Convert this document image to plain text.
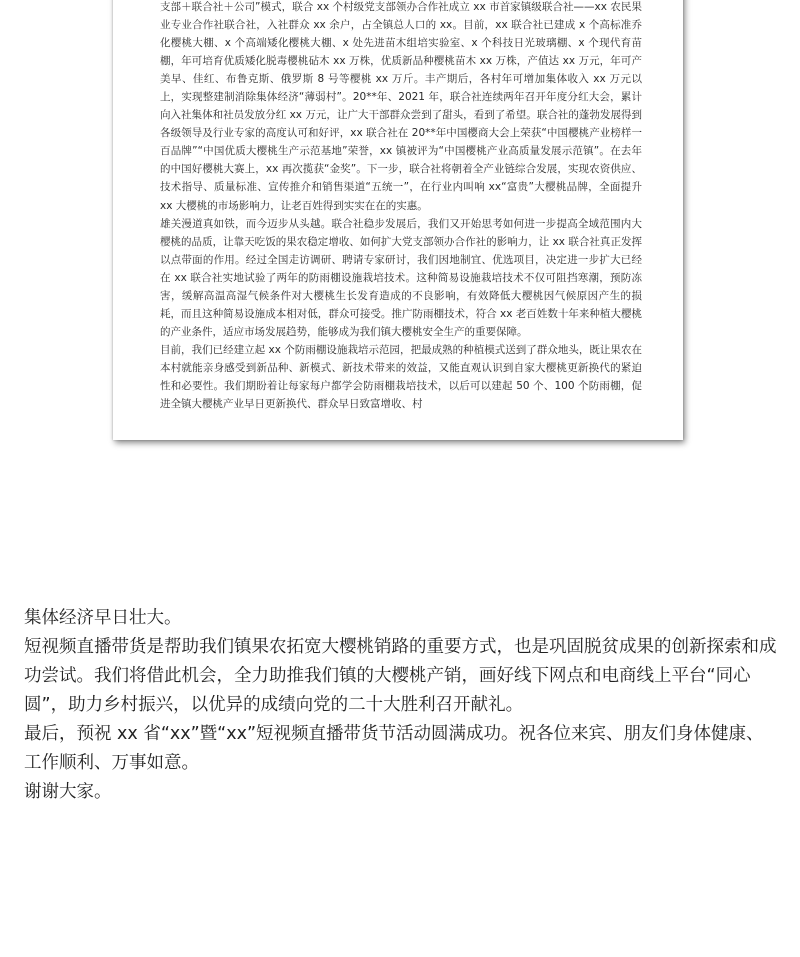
支部＋联合社＋公司”模式，联合 xx 个村级党支部领办合作社成立 xx 市首家镇级联合社——xx 农民果业专业合作社联合社，入社群众 xx 余户，占全镇总人口的 xx。目前，xx 联合社已建成 x 个高标准乔化樱桃大棚、x 个高端矮化樱桃大棚、x 处先进苗木组培实验室、x 个科技日光玻璃棚、x 个现代育苗棚，年可培育优质矮化脱毒樱桃砧木 xx 万株，优质新品种樱桃苗木 xx 万株，产值达 xx 万元，年可产美早、佳红、布鲁克斯、俄罗斯 8 号等樱桃 xx 万斤。丰产期后，各村年可增加集体收入 xx 万元以上，实现整建制消除集体经济“薄弱村”。20**年、2021 年，联合社连续两年召开年度分红大会，累计向入社集体和社员发放分红 xx 万元，让广大干部群众尝到了甜头，看到了希望。联合社的蓬勃发展得到各级领导及行业专家的高度认可和好评，xx 联合社在 20**年中国樱商大会上荣获“中国樱桃产业榜样一百品牌”“中国优质大樱桃生产示范基地”荣誉，xx 镇被评为“中国樱桃产业高质量发展示范镇”。在去年的中国好樱桃大赛上，xx 再次揽获“金奖”。下一步，联合社将朝着全产业链综合发展，实现农资供应、技术指导、质量标准、宣传推介和销售渠道“五统一”，在行业内叫响 xx“富贵”大樱桃品牌，全面提升 xx 大樱桃的市场影响力，让老百姓得到实实在在的实惠。

雄关漫道真如铁，而今迈步从头越。联合社稳步发展后，我们又开始思考如何进一步提高全域范围内大樱桃的品质，让靠天吃饭的果农稳定增收、如何扩大党支部领办合作社的影响力，让 xx 联合社真正发挥以点带面的作用。经过全国走访调研、聘请专家研讨，我们因地制宜、优选项目，决定进一步扩大已经在 xx 联合社实地试验了两年的防雨棚设施栽培技术。这种简易设施栽培技术不仅可阻挡寒潮，预防冻害，缓解高温高湿气候条件对大樱桃生长发育造成的不良影响，有效降低大樱桃因气候原因产生的损耗，而且这种简易设施成本相对低，群众可接受。推广防雨棚技术，符合 xx 老百姓数十年来种植大樱桃的产业条件，适应市场发展趋势，能够成为我们镇大樱桃安全生产的重要保障。

目前，我们已经建立起 xx 个防雨棚设施栽培示范园，把最成熟的种植模式送到了群众地头，既让果农在本村就能亲身感受到新品种、新模式、新技术带来的效益，又能直观认识到自家大樱桃更新换代的紧迫性和必要性。我们期盼着让每家每户都学会防雨棚栽培技术，以后可以建起 50 个、100 个防雨棚，促进全镇大樱桃产业早日更新换代、群众早日致富增收、村

集体经济早日壮大。

短视频直播带货是帮助我们镇果农拓宽大樱桃销路的重要方式，也是巩固脱贫成果的创新探索和成功尝试。我们将借此机会，全力助推我们镇的大樱桃产销，画好线下网点和电商线上平台“同心圆”，助力乡村振兴，以优异的成绩向党的二十大胜利召开献礼。

最后，预祝 xx 省“xx”暨“xx”短视频直播带货节活动圆满成功。祝各位来宾、朋友们身体健康、工作顺利、万事如意。

谢谢大家。
